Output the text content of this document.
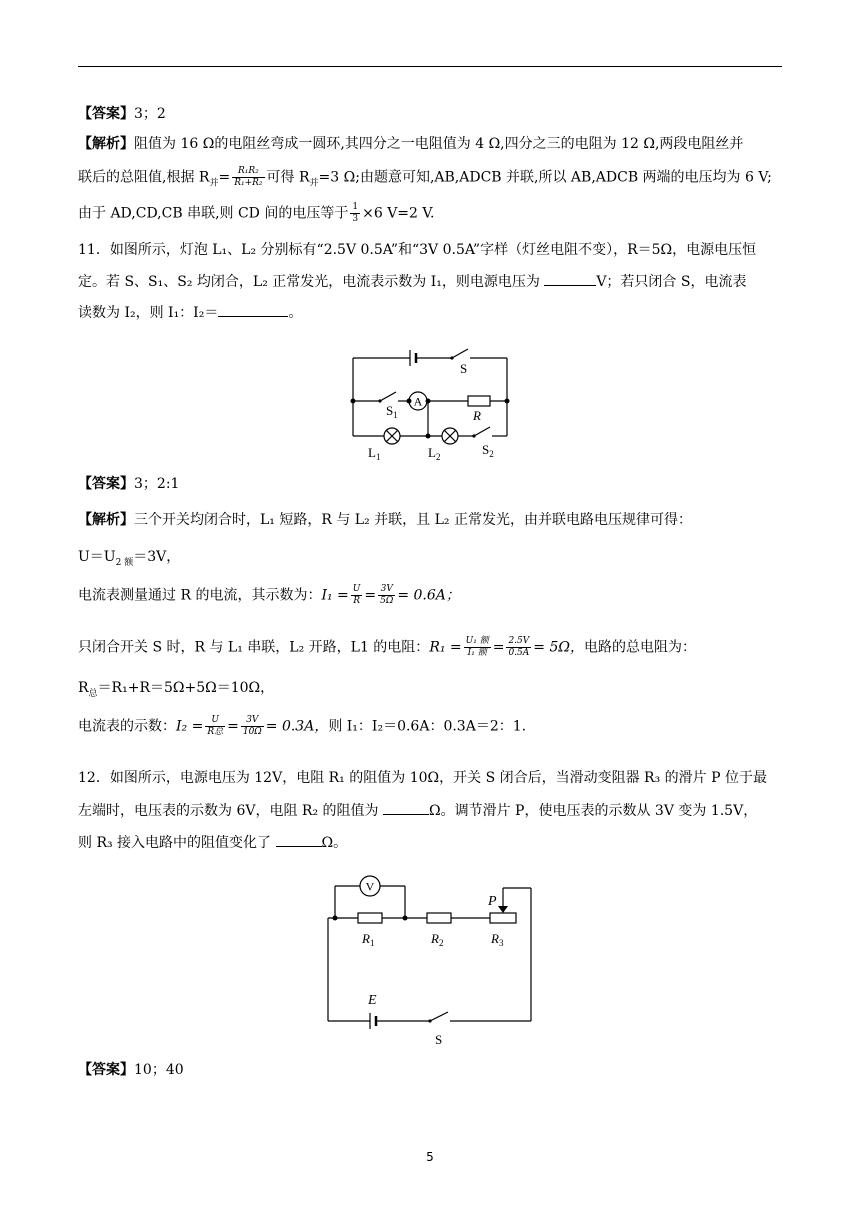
【答案】3；2
【解析】阻值为 16 Ω的电阻丝弯成一圆环,其四分之一电阻值为 4 Ω,四分之三的电阻为 12 Ω,两段电阻丝并
联后的总阻值,根据 $R_并= \frac{\text{R₁R₂}}{\text{R₁+R₂}}$ 可得 $R_并=3$ Ω;由题意可知,AB,ADCB 并联,所以 AB,ADCB 两端的电压均为 6 V;
由于 AD,CD,CB 串联,则 CD 间的电压等于 $\frac{1}{3} \times 6$ V=2 V.
11．如图所示，灯泡 L₁、L₂ 分别标有“2.5V 0.5A”和“3V 0.5A”字样（灯丝电阻不变），R＝5Ω，电源电压恒
定。若 S、S₁、S₂ 均闭合，L₂ 正常发光，电流表示数为 I₁，则电源电压为	V；若只闭合 S，电流表
读数为 I₂，则 I₁：I₂＝	。
A
S
$S_1$	R
$L_1$	$L_2$	$S_2$
【答案】3；2:1
【解析】三个开关均闭合时，L₁ 短路，R 与 L₂ 并联，且 L₂ 正常发光，由并联电路电压规律可得：
$U=U_{2 额}=3V$，
电流表测量通过 R 的电流，其示数为：$I_1 = \frac{U}{R} = \frac{3V}{5\Omega} = 0.6A$；
只闭合开关 S 时，R 与 L₁ 串联，L₂ 开路，L1 的电阻：$R_1 = \frac{\text{U₁ 额}}{\text{I₁ 额}} = \frac{2.5V}{0.5A} = 5\Omega$，电路的总电阻为：
$R_总=R_1+R=5\Omega+5\Omega=10\Omega$，
电流表的示数：$I_2 = \frac{U}{\text{R总}} = \frac{3V}{10\Omega} = 0.3A$，则 I₁：I₂＝0.6A：0.3A＝2：1.
12．如图所示，电源电压为 12V，电阻 R₁ 的阻值为 10Ω，开关 S 闭合后，当滑动变阻器 R₃ 的滑片 P 位于最
左端时，电压表的示数为 6V，电阻 R₂ 的阻值为	Ω。调节滑片 P，使电压表的示数从 3V 变为 1.5V，
则 R₃ 接入电路中的阻值变化了	Ω。
V
P
$R_1$	$R_2$	$R_3$
E
S
【答案】10；40
5
